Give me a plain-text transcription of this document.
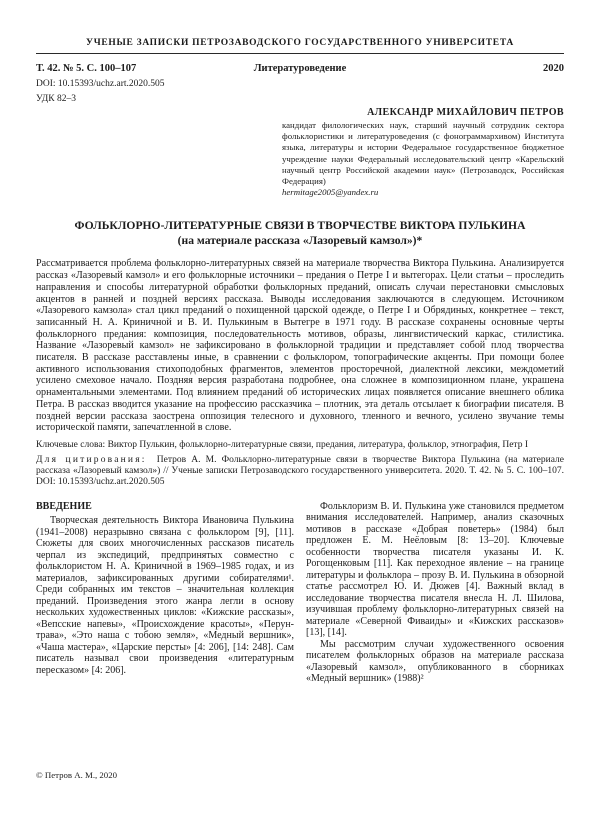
УЧЕНЫЕ ЗАПИСКИ ПЕТРОЗАВОДСКОГО ГОСУДАРСТВЕННОГО УНИВЕРСИТЕТА
Т. 42. № 5. С. 100–107	Литературоведение	2020
DOI: 10.15393/uchz.art.2020.505
УДК 82–3
АЛЕКСАНДР МИХАЙЛОВИЧ ПЕТРОВ
кандидат филологических наук, старший научный сотрудник сектора фольклористики и литературоведения (с фонограммархивом) Института языка, литературы и истории Федеральное государственное бюджетное учреждение науки Федеральный исследовательский центр «Карельский научный центр Российской академии наук» (Петрозаводск, Российская Федерация)
hermitage2005@yandex.ru
ФОЛЬКЛОРНО-ЛИТЕРАТУРНЫЕ СВЯЗИ В ТВОРЧЕСТВЕ ВИКТОРА ПУЛЬКИНА
(на материале рассказа «Лазоревый камзол»)*
Рассматривается проблема фольклорно-литературных связей на материале творчества Виктора Пулькина. Анализируется рассказ «Лазоревый камзол» и его фольклорные источники – предания о Петре I и вытегорах. Цели статьи – проследить направления и способы литературной обработки фольклорных преданий, описать случаи перестановки смысловых акцентов в ранней и поздней версиях рассказа. Выводы исследования заключаются в следующем. Источником «Лазоревого камзола» стал цикл преданий о похищенной царской одежде, о Петре I и Обрядиных, конкретнее – текст, записанный Н. А. Криничной и В. И. Пулькиным в Вытегре в 1971 году. В рассказе сохранены основные черты фольклорного предания: композиция, последовательность мотивов, образы, лингвистический каркас, стилистика. Название «Лазоревый камзол» не зафиксировано в фольклорной традиции и представляет собой плод творчества писателя. В рассказе расставлены иные, в сравнении с фольклором, топографические акценты. При помощи более активного использования стихоподобных фрагментов, элементов просторечной, диалектной лексики, междометий усилено смеховое начало. Поздняя версия разработана подробнее, она сложнее в композиционном плане, украшена орнаментальными элементами. Под влиянием преданий об исторических лицах появляется описание внешнего облика Петра. В рассказ вводится указание на профессию рассказчика – плотник, эта деталь отсылает к биографии писателя. В поздней версии рассказа заострена оппозиция телесного и духовного, тленного и вечного, усилено звучание темы исторической памяти, запечатленной в слове.
Ключевые слова: Виктор Пулькин, фольклорно-литературные связи, предания, литература, фольклор, этнография, Петр I
Для цитирования: Петров А. М. Фольклорно-литературные связи в творчестве Виктора Пулькина (на материале рассказа «Лазоревый камзол») // Ученые записки Петрозаводского государственного университета. 2020. Т. 42. № 5. С. 100–107. DOI: 10.15393/uchz.art.2020.505
ВВЕДЕНИЕ

Творческая деятельность Виктора Ивановича Пулькина (1941–2008) неразрывно связана с фольклором [9], [11]. Сюжеты для своих многочисленных рассказов писатель черпал из экспедиций, предпринятых совместно с фольклористом Н. А. Криничной в 1969–1985 годах, и из материалов, зафиксированных другими собирателями¹. Среди собранных им текстов – значительная коллекция преданий. Произведения этого жанра легли в основу нескольких художественных циклов: «Кижские рассказы», «Вепсские напевы», «Происхождение красоты», «Перун-трава», «Это наша с тобою земля», «Медный вершник», «Чаша мастера», «Царские персты» [4: 206], [14: 248]. Сам писатель называл свои произведения «литературным пересказом» [4: 206].

Фольклоризм В. И. Пулькина уже становился предметом внимания исследователей. Например, анализ сказочных мотивов в рассказе «Добрая поветерь» (1984) был предложен Е. М. Неёловым [8: 13–20]. Ключевые особенности творчества писателя указаны И. К. Рогощенковым [11]. Как переходное явление – на границе литературы и фольклора – прозу В. И. Пулькина в обзорной статье рассмотрел Ю. И. Дюжев [4]. Важный вклад в исследование творчества писателя внесла Н. Л. Шилова, изучившая проблему фольклорно-литературных связей на материале «Северной Фиваиды» и «Кижских рассказов» [13], [14].

Мы рассмотрим случаи художественного освоения писателем фольклорных образов на материале рассказа «Лазоревый камзол», опубликованного в сборниках «Медный вершник» (1988)²

© Петров А. М., 2020
